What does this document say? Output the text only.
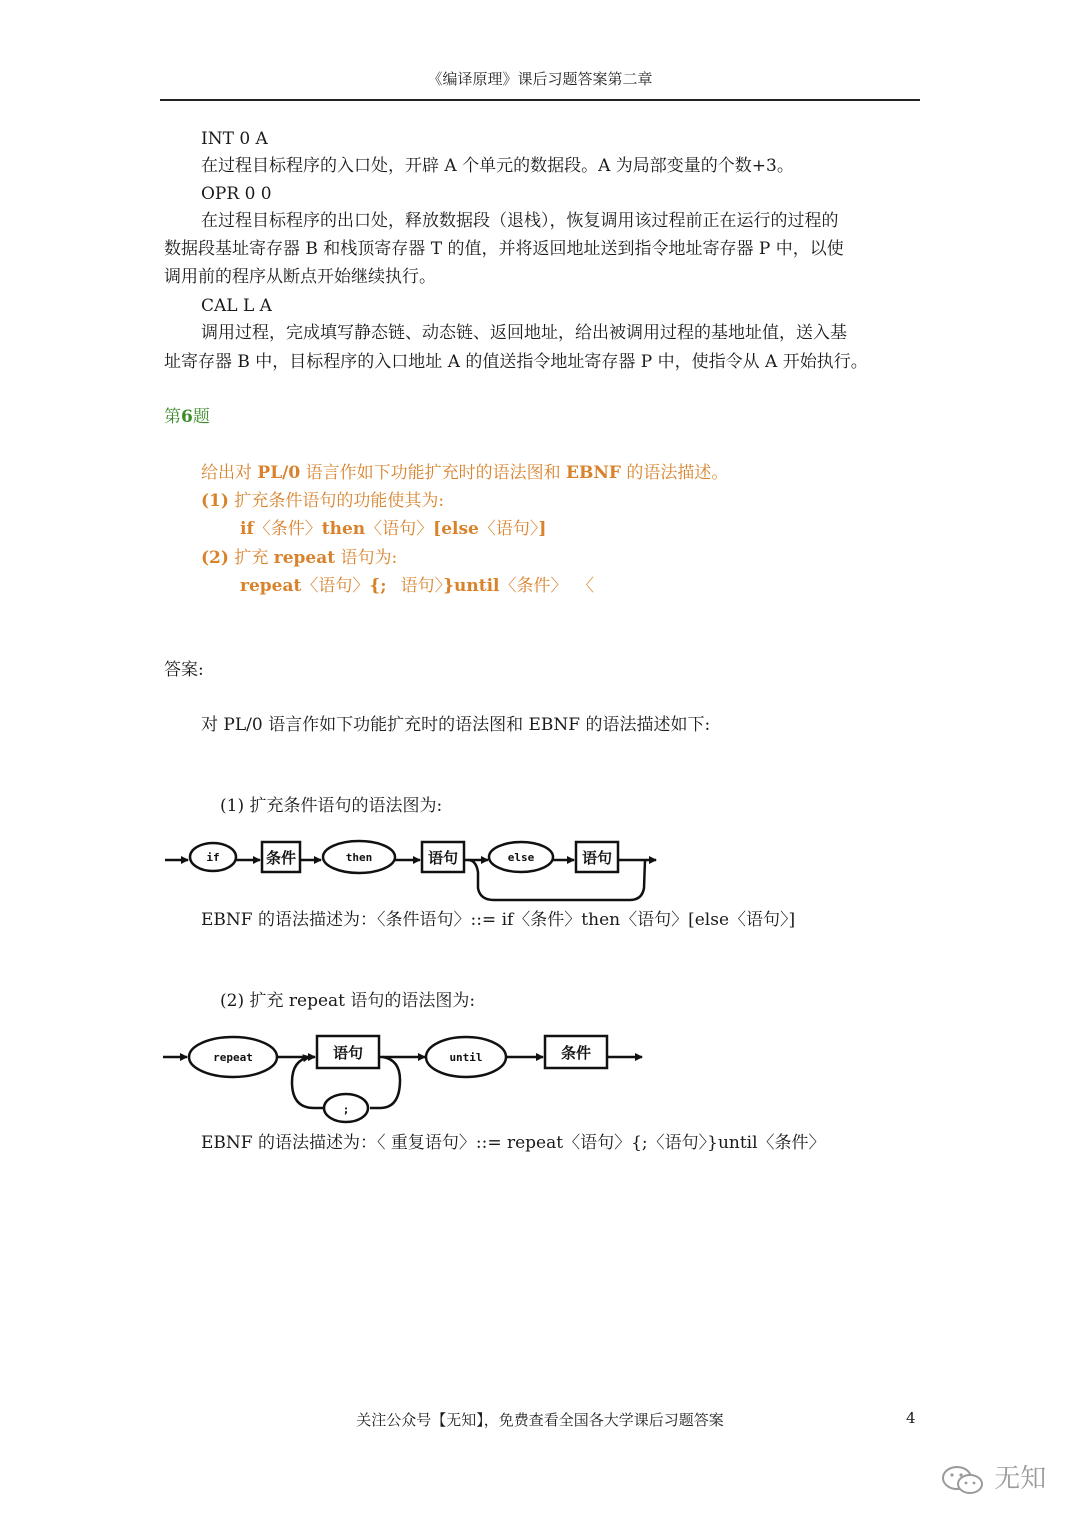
《编译原理》课后习题答案第二章
INT 0 A
在过程目标程序的入口处，开辟 A 个单元的数据段。A 为局部变量的个数+3。
OPR 0 0
在过程目标程序的出口处，释放数据段（退栈），恢复调用该过程前正在运行的过程的
数据段基址寄存器 B 和栈顶寄存器 T 的值，并将返回地址送到指令地址寄存器 P 中，以使
调用前的程序从断点开始继续执行。
CAL L A
调用过程，完成填写静态链、动态链、返回地址，给出被调用过程的基地址值，送入基
址寄存器 B 中，目标程序的入口地址 A 的值送指令地址寄存器 P 中，使指令从 A 开始执行。
第6题
给出对 PL/0 语言作如下功能扩充时的语法图和 EBNF 的语法描述。
(1) 扩充条件语句的功能使其为:
if〈条件〉then〈语句〉[else〈语句〉]
(2) 扩充 repeat 语句为:
repeat〈语句〉{; 语句〉}until〈条件〉 〈
答案:
对 PL/0 语言作如下功能扩充时的语法图和 EBNF 的语法描述如下:
(1) 扩充条件语句的语法图为:
if	条件	then	语句	else	语句
repeat	语句	until	条件
;
EBNF 的语法描述为：〈条件语句〉::= if〈条件〉then〈语句〉[else〈语句〉]
(2) 扩充 repeat 语句的语法图为:
EBNF 的语法描述为：〈 重复语句〉::= repeat〈语句〉{;〈语句〉}until〈条件〉
关注公众号【无知】，免费查看全国各大学课后习题答案	4
无知
